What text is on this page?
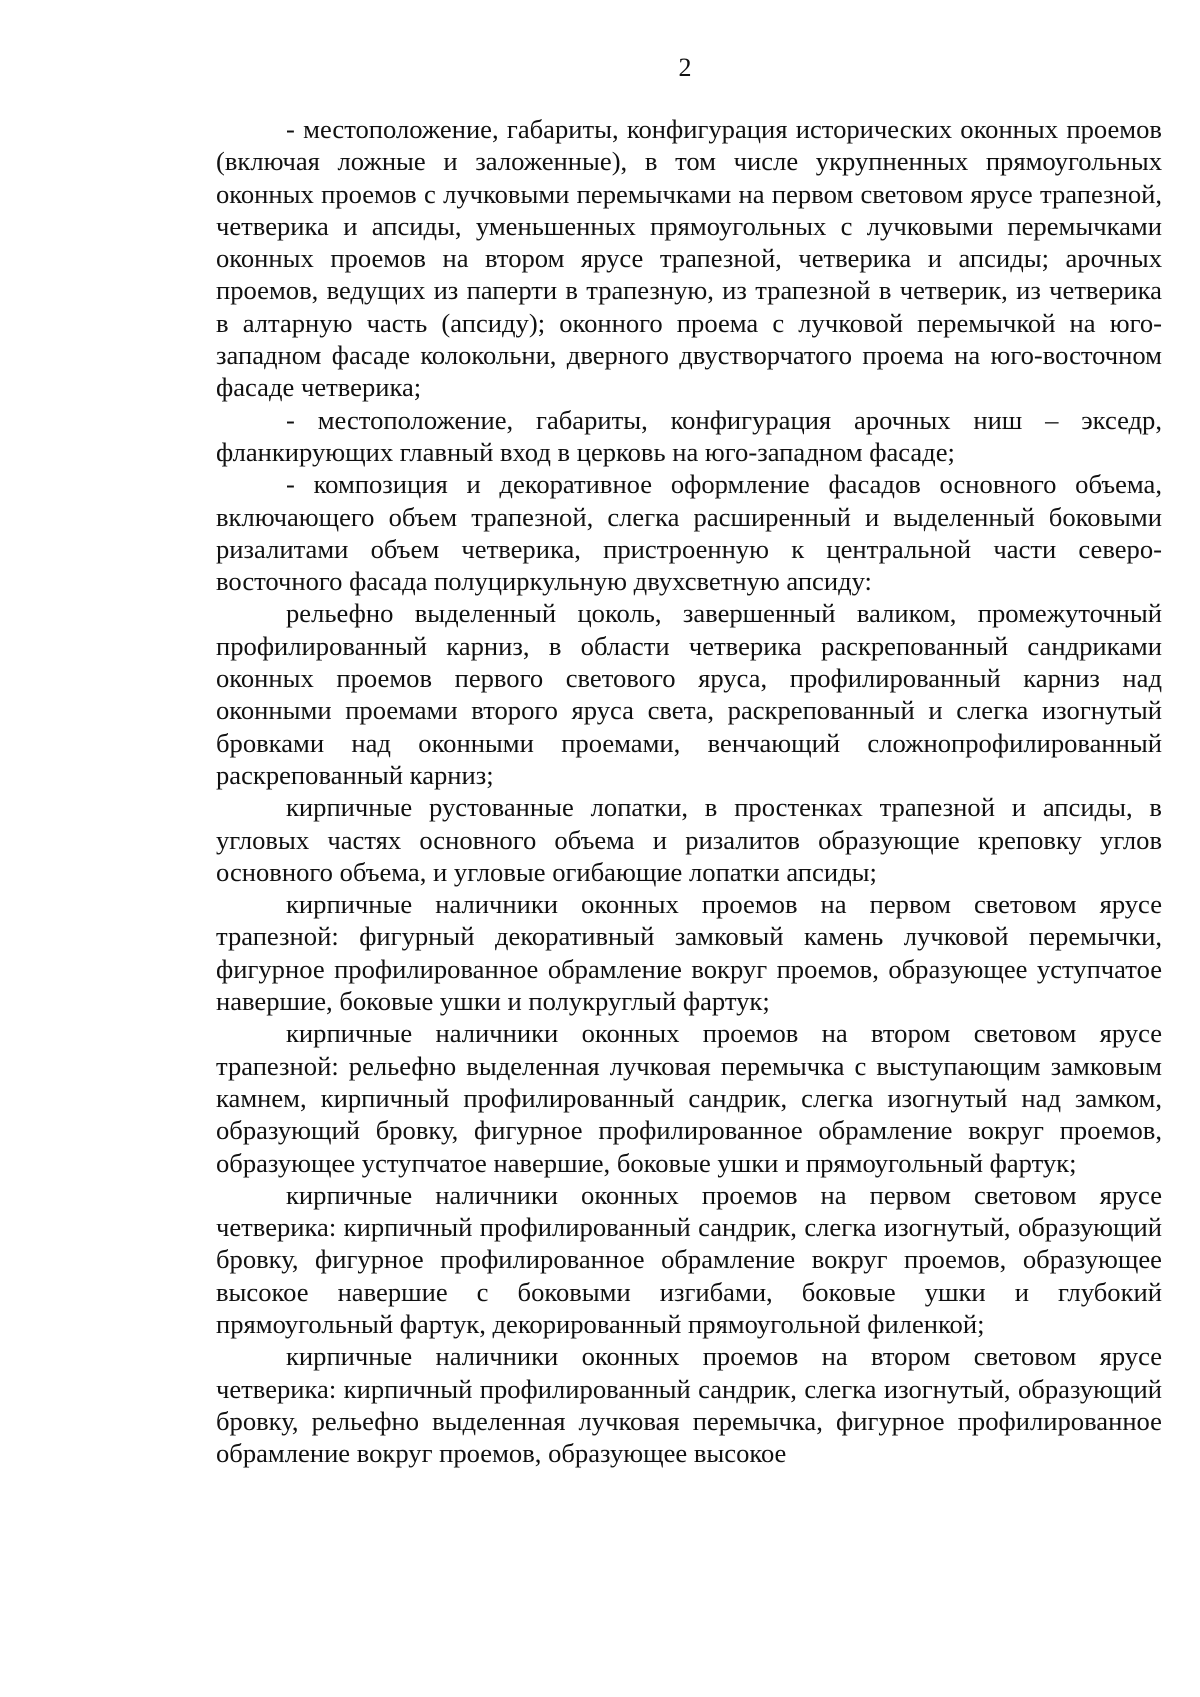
2

- местоположение, габариты, конфигурация исторических оконных проемов (включая ложные и заложенные), в том числе укрупненных прямоугольных оконных проемов с лучковыми перемычками на первом световом ярусе трапезной, четверика и апсиды, уменьшенных прямоугольных с лучковыми перемычками оконных проемов на втором ярусе трапезной, четверика и апсиды; арочных проемов, ведущих из паперти в трапезную, из трапезной в четверик, из четверика в алтарную часть (апсиду); оконного проема с лучковой перемычкой на юго-западном фасаде колокольни, дверного двустворчатого проема на юго-восточном фасаде четверика;

- местоположение, габариты, конфигурация арочных ниш – экседр, фланкирующих главный вход в церковь на юго-западном фасаде;

- композиция и декоративное оформление фасадов основного объема, включающего объем трапезной, слегка расширенный и выделенный боковыми ризалитами объем четверика, пристроенную к центральной части северо-восточного фасада полуциркульную двухсветную апсиду:

рельефно выделенный цоколь, завершенный валиком, промежуточный профилированный карниз, в области четверика раскрепованный сандриками оконных проемов первого светового яруса, профилированный карниз над оконными проемами второго яруса света, раскрепованный и слегка изогнутый бровками над оконными проемами, венчающий сложнопрофилированный раскрепованный карниз;

кирпичные рустованные лопатки, в простенках трапезной и апсиды, в угловых частях основного объема и ризалитов образующие креповку углов основного объема, и угловые огибающие лопатки апсиды;

кирпичные наличники оконных проемов на первом световом ярусе трапезной: фигурный декоративный замковый камень лучковой перемычки, фигурное профилированное обрамление вокруг проемов, образующее уступчатое навершие, боковые ушки и полукруглый фартук;

кирпичные наличники оконных проемов на втором световом ярусе трапезной: рельефно выделенная лучковая перемычка с выступающим замковым камнем, кирпичный профилированный сандрик, слегка изогнутый над замком, образующий бровку, фигурное профилированное обрамление вокруг проемов, образующее уступчатое навершие, боковые ушки и прямоугольный фартук;

кирпичные наличники оконных проемов на первом световом ярусе четверика: кирпичный профилированный сандрик, слегка изогнутый, образующий бровку, фигурное профилированное обрамление вокруг проемов, образующее высокое навершие с боковыми изгибами, боковые ушки и глубокий прямоугольный фартук, декорированный прямоугольной филенкой;

кирпичные наличники оконных проемов на втором световом ярусе четверика: кирпичный профилированный сандрик, слегка изогнутый, образующий бровку, рельефно выделенная лучковая перемычка, фигурное профилированное обрамление вокруг проемов, образующее высокое
